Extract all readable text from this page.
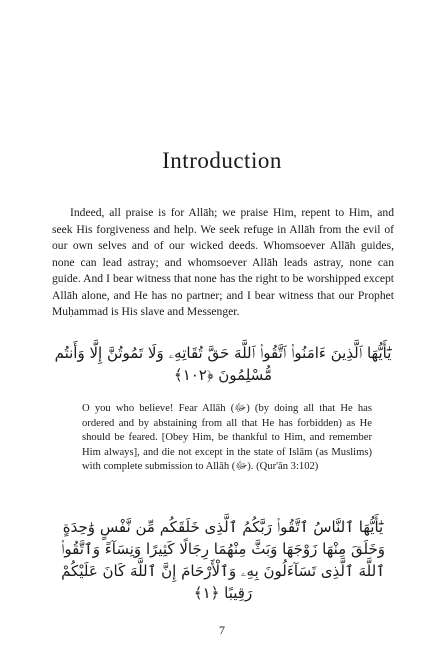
Introduction

Indeed, all praise is for Allāh; we praise Him, repent to Him, and seek His forgiveness and help. We seek refuge in Allāh from the evil of our own selves and of our wicked deeds. Whomsoever Allāh guides, none can lead astray; and whomsoever Allāh leads astray, none can guide. And I bear witness that none has the right to be worshipped except Allāh alone, and He has no partner; and I bear witness that our Prophet Muḥammad is His slave and Messenger.

يَٰٓأَيُّهَا ٱلَّذِينَ ءَامَنُوا۟ ٱتَّقُوا۟ ٱللَّهَ حَقَّ تُقَاتِهِۦ وَلَا تَمُوتُنَّ إِلَّا وَأَنتُم مُّسْلِمُونَ ﴿١٠٢﴾

O you who believe! Fear Allāh (ﷻ) (by doing all that He has ordered and by abstaining from all that He has forbidden) as He should be feared. [Obey Him, be thankful to Him, and remember Him always], and die not except in the state of Islām (as Muslims) with complete submission to Allāh (ﷻ). (Qur'ān 3:102)

يَٰٓأَيُّهَا ٱلنَّاسُ ٱتَّقُوا۟ رَبَّكُمُ ٱلَّذِى خَلَقَكُم مِّن نَّفْسٍ وَٰحِدَةٍ وَخَلَقَ مِنْهَا زَوْجَهَا وَبَثَّ مِنْهُمَا رِجَالًا كَثِيرًا وَنِسَآءً وَٱتَّقُوا۟ ٱللَّهَ ٱلَّذِى تَسَآءَلُونَ بِهِۦ وَٱلْأَرْحَامَ إِنَّ ٱللَّهَ كَانَ عَلَيْكُمْ رَقِيبًا ﴿١﴾

7
